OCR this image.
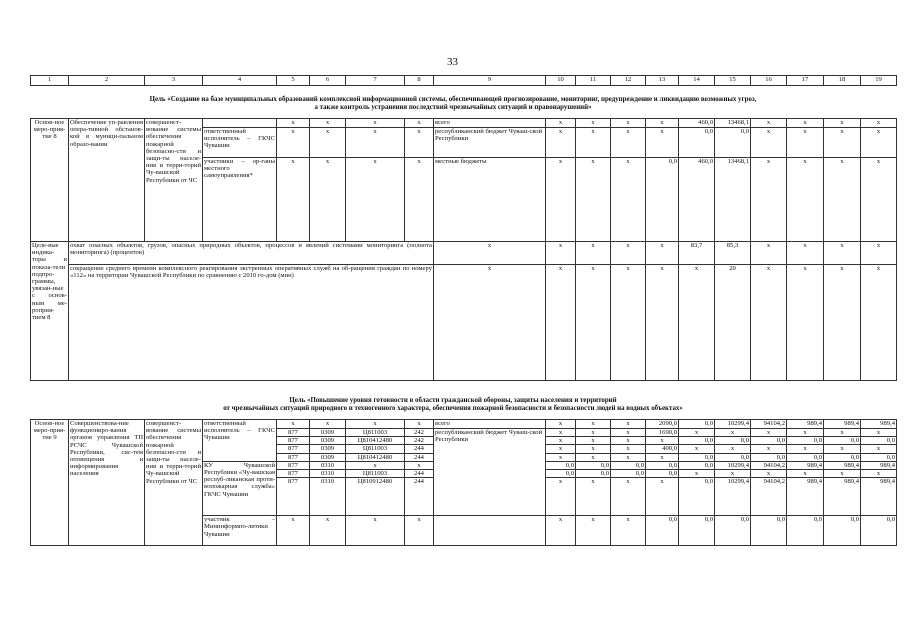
33
1	2	3	4	5	6	7	8	9	10	11	12	13	14	15	16	17	18	19
Цель «Создание на базе муниципальных образований комплексной информационной системы, обеспечивающей прогнозирование, мониторинг, предупреждение и ликвидацию возможных угроз,
а также контроль устранения последствий чрезвычайных ситуаций и правонарушений»
Основ-ное меро-прия-тие 8	Обеспечение уп-равления опера-тивной обстанов-кой в муници-пальном образо-вании	совершенст-вование системы обеспечения пожарной безопасно-сти и защи-ты населе-ния и терри-торий Чу-вашской Республики от ЧС		х	х	х	х	всего	х	х	х	х	460,0	13468,1	х	х	х	х
			ответственный исполнитель – ГКЧС Чувашии	х	х	х	х	республиканский бюджет Чуваш-ской Республики	х	х	х	х	0,0	0,0	х	х	х	х
			участники – ор-ганы местного самоуправления*	х	х	х	х	местные бюджеты	х	х	х	0,0	460,0	13468,1	х	х	х	х
Целе-вые индика-торы и показа-тели подпро-граммы, увязан-ные с основ-ным ме-роприя-тием 8	охват опасных объектов, грузов, опасных природных объектов, процессов и явлений системами мониторинга (полнота мониторинга) (процентов)							х	х	х	х	х	83,7	85,3	х	х	х	х
	сокращение среднего времени комплексного реагирования экстренных оперативных служб на об-ращения граждан по номеру «112» на территории Чувашской Республики по сравнению с 2010 го-дом (мин)							х	х	х	х	х	х	20	х	х	х	х
Цель «Повышение уровня готовности в области гражданской обороны, защиты населения и территорий
от чрезвычайных ситуаций природного и техногенного характера, обеспечения пожарной безопасности и безопасности людей на водных объектах»
Основ-ное меро-прия-тие 9	Совершенствова-ние функциониро-вания органов управления ТП РСЧС Чувашской Республики, сис-тем оповещения и информирования населения	совершенст-вование системы обеспечения пожарной безопасно-сти и защи-ты населе-ния и терри-торий Чу-вашской Республики от ЧС	ответственный исполнитель – ГКЧС Чувашии	х	х	х	х	всего	х	х	х	2090,0	0,0	10299,4	94104,2	989,4	989,4	989,4
				877	0309	Ц811003	242	республиканский бюджет Чуваш-ской Республики	х	х	х	1690,0	х	х	х	х	х	х
				877	0309	Ц810412480	242		х	х	х	х	0,0	0,0	0,0	0,0	0,0	0,0
				877	0309	Ц811003	244		х	х	х	400,0	х	х	х	х	х	х
				877	0309	Ц810412480	244		х	х	х	х	0,0	0,0	0,0	0,0	0,0	0,0
			КУ Чувашской Республики «Чу-вашская респуб-ликанская проти-вопожарная служба» ГКЧС Чувашии	877	0310	х	х		0,0	0,0	0,0	0,0	0,0	10299,4	94104,2	989,4	989,4	989,4
				877	0310	Ц811003	244		0,0	0,0	0,0	0,0	х	х	х	х	х	х
				877	0310	Ц810912480	244		х	х	х	х	0,0	10299,4	94104,2	989,4	989,4	989,4
			участник – Мининформпо-литики Чувашии	х	х	х	х		х	х	х	0,0	0,0	0,0	0,0	0,0	0,0	0,0
